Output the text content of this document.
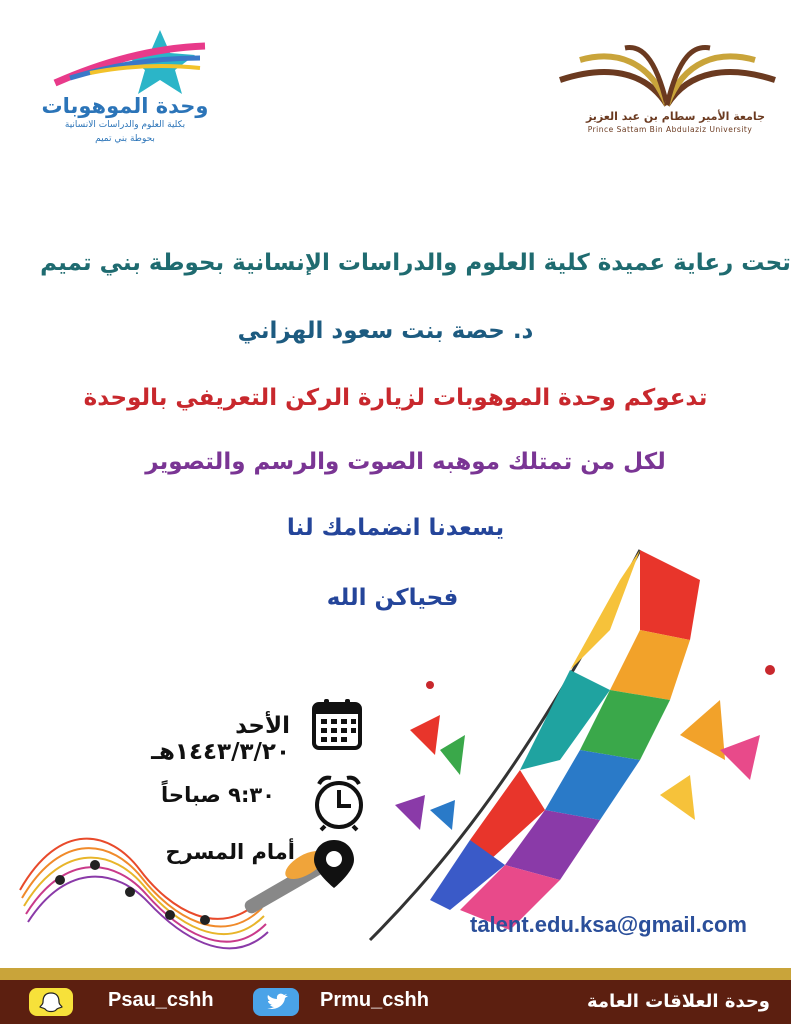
وحدة الموهوبات
بكلية العلوم والدراسات الانسانية
بحوطة بني تميم
جامعة الأمير سطام بن عبد العزيز
Prince Sattam Bin Abdulaziz University
تحت رعاية عميدة كلية العلوم والدراسات الإنسانية بحوطة بني تميم
د. حصة بنت سعود الهزاني
تدعوكم وحدة الموهوبات لزيارة الركن التعريفي بالوحدة
لكل من تمتلك موهبه الصوت والرسم والتصوير
يسعدنا انضمامك لنا
فحياكن الله
الأحد ١٤٤٣/٣/٢٠هـ
٩:٣٠ صباحاً
أمام المسرح
talent.edu.ksa@gmail.com
Psau_cshh	Prmu_cshh	وحدة العلاقات العامة
